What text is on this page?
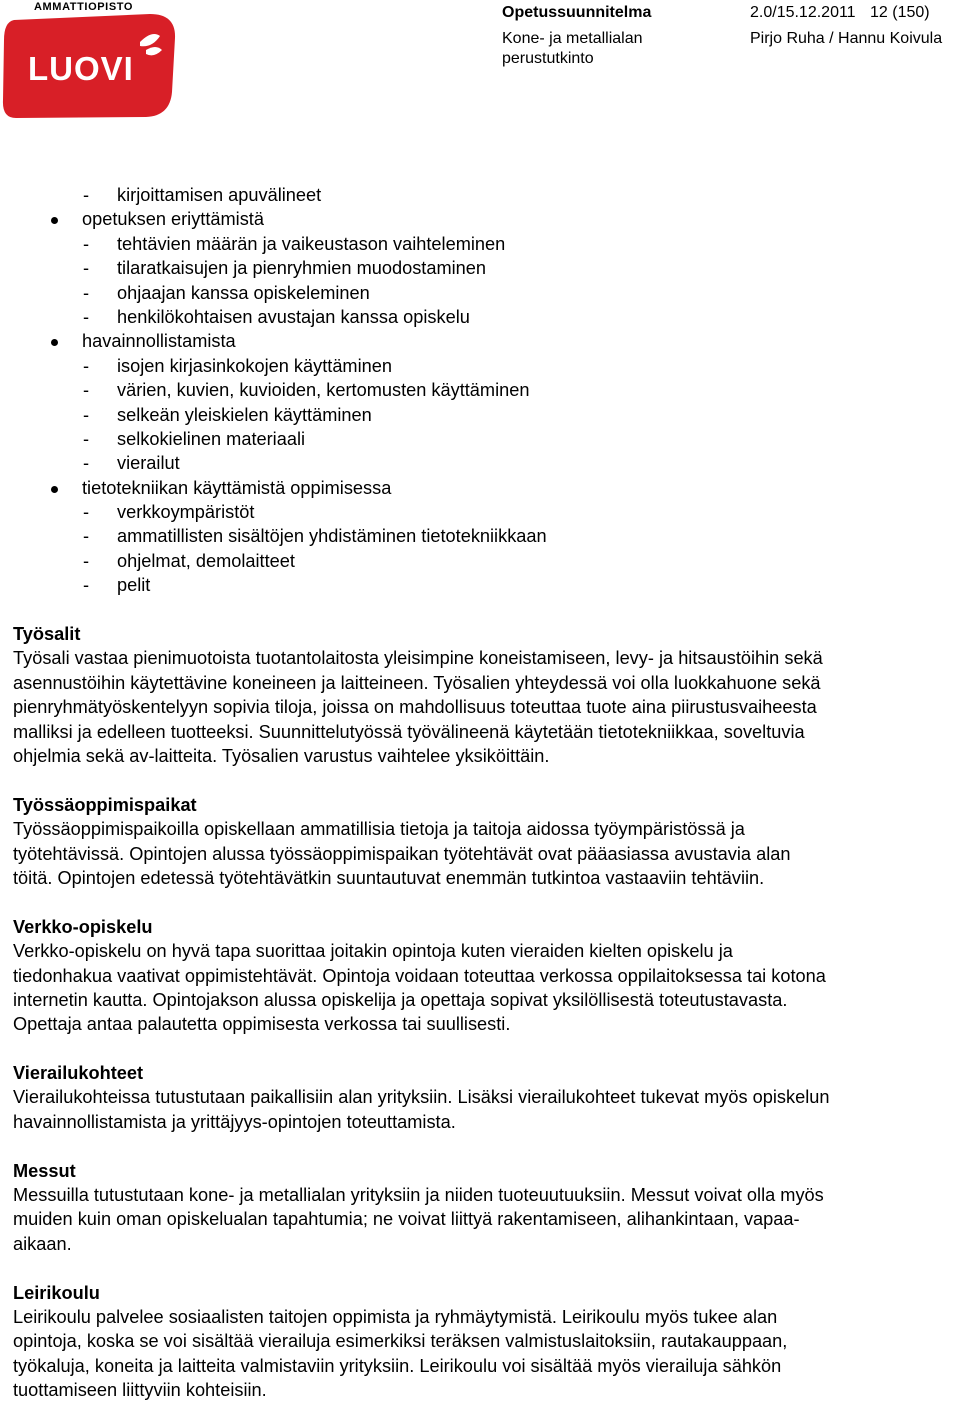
AMMATTIOPISTO
LUOVI
Opetussuunnitelma	2.0/15.12.2011 12 (150)
Kone- ja metallialan perustutkinto
Pirjo Ruha / Hannu Koivula
- kirjoittamisen apuvälineet
opetuksen eriyttämistä
- tehtävien määrän ja vaikeustason vaihteleminen
- tilaratkaisujen ja pienryhmien muodostaminen
- ohjaajan kanssa opiskeleminen
- henkilökohtaisen avustajan kanssa opiskelu
havainnollistamista
- isojen kirjasinkokojen käyttäminen
- värien, kuvien, kuvioiden, kertomusten käyttäminen
- selkeän yleiskielen käyttäminen
- selkokielinen materiaali
- vierailut
tietotekniikan käyttämistä oppimisessa
- verkkoympäristöt
- ammatillisten sisältöjen yhdistäminen tietotekniikkaan
- ohjelmat, demolaitteet
- pelit
Työsalit
Työsali vastaa pienimuotoista tuotantolaitosta yleisimpine koneistamiseen, levy- ja hitsaustöihin sekä
asennustöihin käytettävine koneineen ja laitteineen. Työsalien yhteydessä voi olla luokkahuone sekä
pienryhmätyöskentelyyn sopivia tiloja, joissa on mahdollisuus toteuttaa tuote aina piirustusvaiheesta
malliksi ja edelleen tuotteeksi. Suunnittelutyössä työvälineenä käytetään tietotekniikkaa, soveltuvia
ohjelmia sekä av-laitteita. Työsalien varustus vaihtelee yksiköittäin.
Työssäoppimispaikat
Työssäoppimispaikoilla opiskellaan ammatillisia tietoja ja taitoja aidossa työympäristössä ja
työtehtävissä. Opintojen alussa työssäoppimispaikan työtehtävät ovat pääasiassa avustavia alan
töitä. Opintojen edetessä työtehtävätkin suuntautuvat enemmän tutkintoa vastaaviin tehtäviin.
Verkko-opiskelu
Verkko-opiskelu on hyvä tapa suorittaa joitakin opintoja kuten vieraiden kielten opiskelu ja
tiedonhakua vaativat oppimistehtävät. Opintoja voidaan toteuttaa verkossa oppilaitoksessa tai kotona
internetin kautta. Opintojakson alussa opiskelija ja opettaja sopivat yksilöllisestä toteutustavasta.
Opettaja antaa palautetta oppimisesta verkossa tai suullisesti.
Vierailukohteet
Vierailukohteissa tutustutaan paikallisiin alan yrityksiin. Lisäksi vierailukohteet tukevat myös opiskelun
havainnollistamista ja yrittäjyys-opintojen toteuttamista.
Messut
Messuilla tutustutaan kone- ja metallialan yrityksiin ja niiden tuoteuutuuksiin. Messut voivat olla myös
muiden kuin oman opiskelualan tapahtumia; ne voivat liittyä rakentamiseen, alihankintaan, vapaa-
aikaan.
Leirikoulu
Leirikoulu palvelee sosiaalisten taitojen oppimista ja ryhmäytymistä. Leirikoulu myös tukee alan
opintoja, koska se voi sisältää vierailuja esimerkiksi teräksen valmistuslaitoksiin, rautakauppaan,
työkaluja, koneita ja laitteita valmistaviin yrityksiin. Leirikoulu voi sisältää myös vierailuja sähkön
tuottamiseen liittyviin kohteisiin.
